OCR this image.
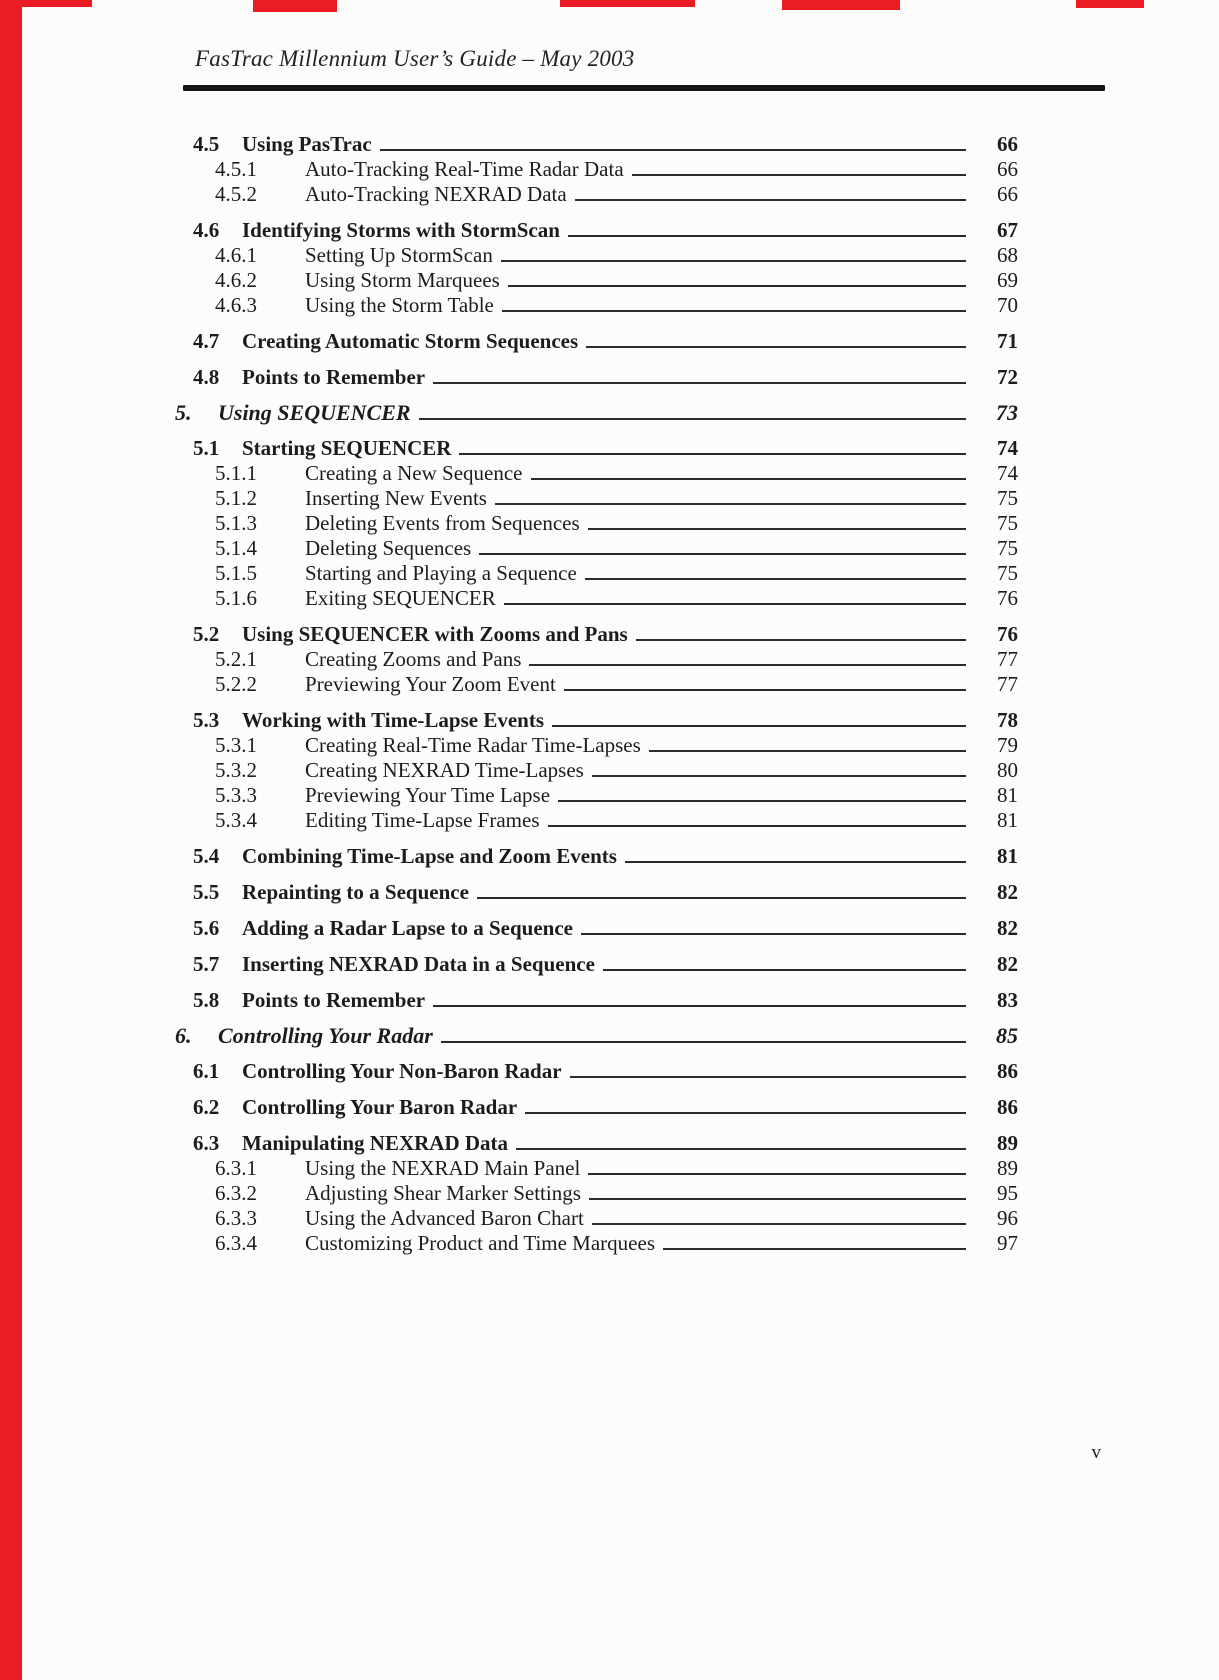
FasTrac Millennium User’s Guide – May 2003
4.5	Using PasTrac	66
4.5.1	Auto-Tracking Real-Time Radar Data	66
4.5.2	Auto-Tracking NEXRAD Data	66
4.6	Identifying Storms with StormScan	67
4.6.1	Setting Up StormScan	68
4.6.2	Using Storm Marquees	69
4.6.3	Using the Storm Table	70
4.7	Creating Automatic Storm Sequences	71
4.8	Points to Remember	72
5.	Using SEQUENCER	73
5.1	Starting SEQUENCER	74
5.1.1	Creating a New Sequence	74
5.1.2	Inserting New Events	75
5.1.3	Deleting Events from Sequences	75
5.1.4	Deleting Sequences	75
5.1.5	Starting and Playing a Sequence	75
5.1.6	Exiting SEQUENCER	76
5.2	Using SEQUENCER with Zooms and Pans	76
5.2.1	Creating Zooms and Pans	77
5.2.2	Previewing Your Zoom Event	77
5.3	Working with Time-Lapse Events	78
5.3.1	Creating Real-Time Radar Time-Lapses	79
5.3.2	Creating NEXRAD Time-Lapses	80
5.3.3	Previewing Your Time Lapse	81
5.3.4	Editing Time-Lapse Frames	81
5.4	Combining Time-Lapse and Zoom Events	81
5.5	Repainting to a Sequence	82
5.6	Adding a Radar Lapse to a Sequence	82
5.7	Inserting NEXRAD Data in a Sequence	82
5.8	Points to Remember	83
6.	Controlling Your Radar	85
6.1	Controlling Your Non-Baron Radar	86
6.2	Controlling Your Baron Radar	86
6.3	Manipulating NEXRAD Data	89
6.3.1	Using the NEXRAD Main Panel	89
6.3.2	Adjusting Shear Marker Settings	95
6.3.3	Using the Advanced Baron Chart	96
6.3.4	Customizing Product and Time Marquees	97
v
